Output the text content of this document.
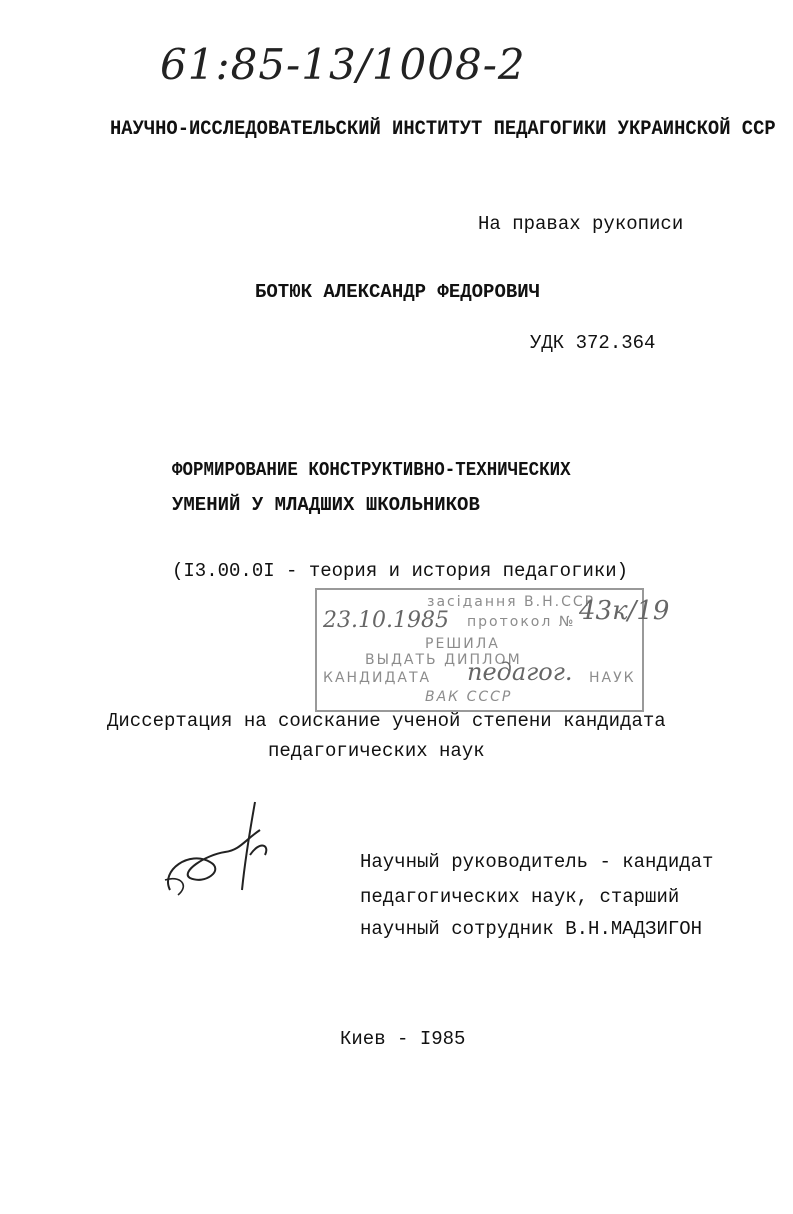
61:85-13/1008-2
НАУЧНО-ИССЛЕДОВАТЕЛЬСКИЙ ИНСТИТУТ ПЕДАГОГИКИ УКРАИНСКОЙ ССР
На правах рукописи
БОТЮК АЛЕКСАНДР ФЕДОРОВИЧ
УДК 372.364
ФОРМИРОВАНИЕ КОНСТРУКТИВНО-ТЕХНИЧЕСКИХ
УМЕНИЙ У МЛАДШИХ ШКОЛЬНИКОВ
(I3.00.0I - теория и история педагогики)
засідання В.Н.ССР
23.10.1985 протокол № 43к/19
РЕШИЛА
ВЫДАТЬ ДИПЛОМ
КАНДИДАТА педагог. НАУК
ВАК СССР
Диссертация на соискание ученой степени кандидата
педагогических наук
Научный руководитель - кандидат
педагогических наук, старший
научный сотрудник В.Н.МАДЗИГОН
Киев - I985
